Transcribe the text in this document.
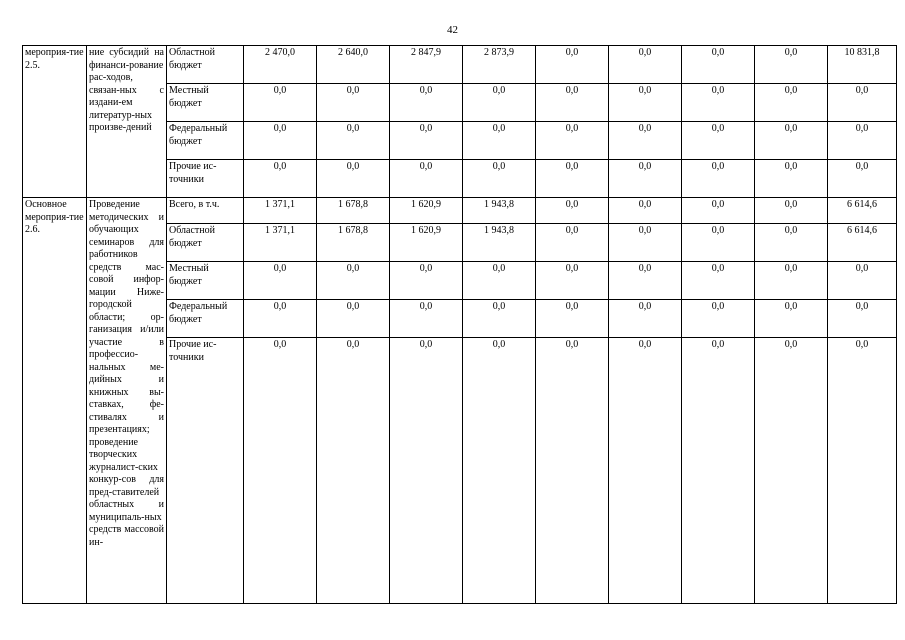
42
мероприя-тие 2.5.	ние субсидий на финанси-рование рас-ходов, связан-ных с издани-ем литератур-ных произве-дений	Областной бюджет	2 470,0	2 640,0	2 847,9	2 873,9	0,0	0,0	0,0	0,0	10 831,8
		Местный бюджет	0,0	0,0	0,0	0,0	0,0	0,0	0,0	0,0	0,0
		Федеральный бюджет	0,0	0,0	0,0	0,0	0,0	0,0	0,0	0,0	0,0
		Прочие ис-точники	0,0	0,0	0,0	0,0	0,0	0,0	0,0	0,0	0,0
Основное мероприя-тие 2.6.	Проведение методических и обучающих семинаров для работников средств мас-совой инфор-мации Ниже-городской области; ор-ганизация и/или участие в профессио-нальных ме-дийных и книжных вы-ставках, фе-стивалях и презентациях; проведение творческих журналист-ских конкур-сов для пред-ставителей областных и муниципаль-ных средств массовой ин-	Всего, в т.ч.	1 371,1	1 678,8	1 620,9	1 943,8	0,0	0,0	0,0	0,0	6 614,6
		Областной бюджет	1 371,1	1 678,8	1 620,9	1 943,8	0,0	0,0	0,0	0,0	6 614,6
		Местный бюджет	0,0	0,0	0,0	0,0	0,0	0,0	0,0	0,0	0,0
		Федеральный бюджет	0,0	0,0	0,0	0,0	0,0	0,0	0,0	0,0	0,0
		Прочие ис-точники	0,0	0,0	0,0	0,0	0,0	0,0	0,0	0,0	0,0
